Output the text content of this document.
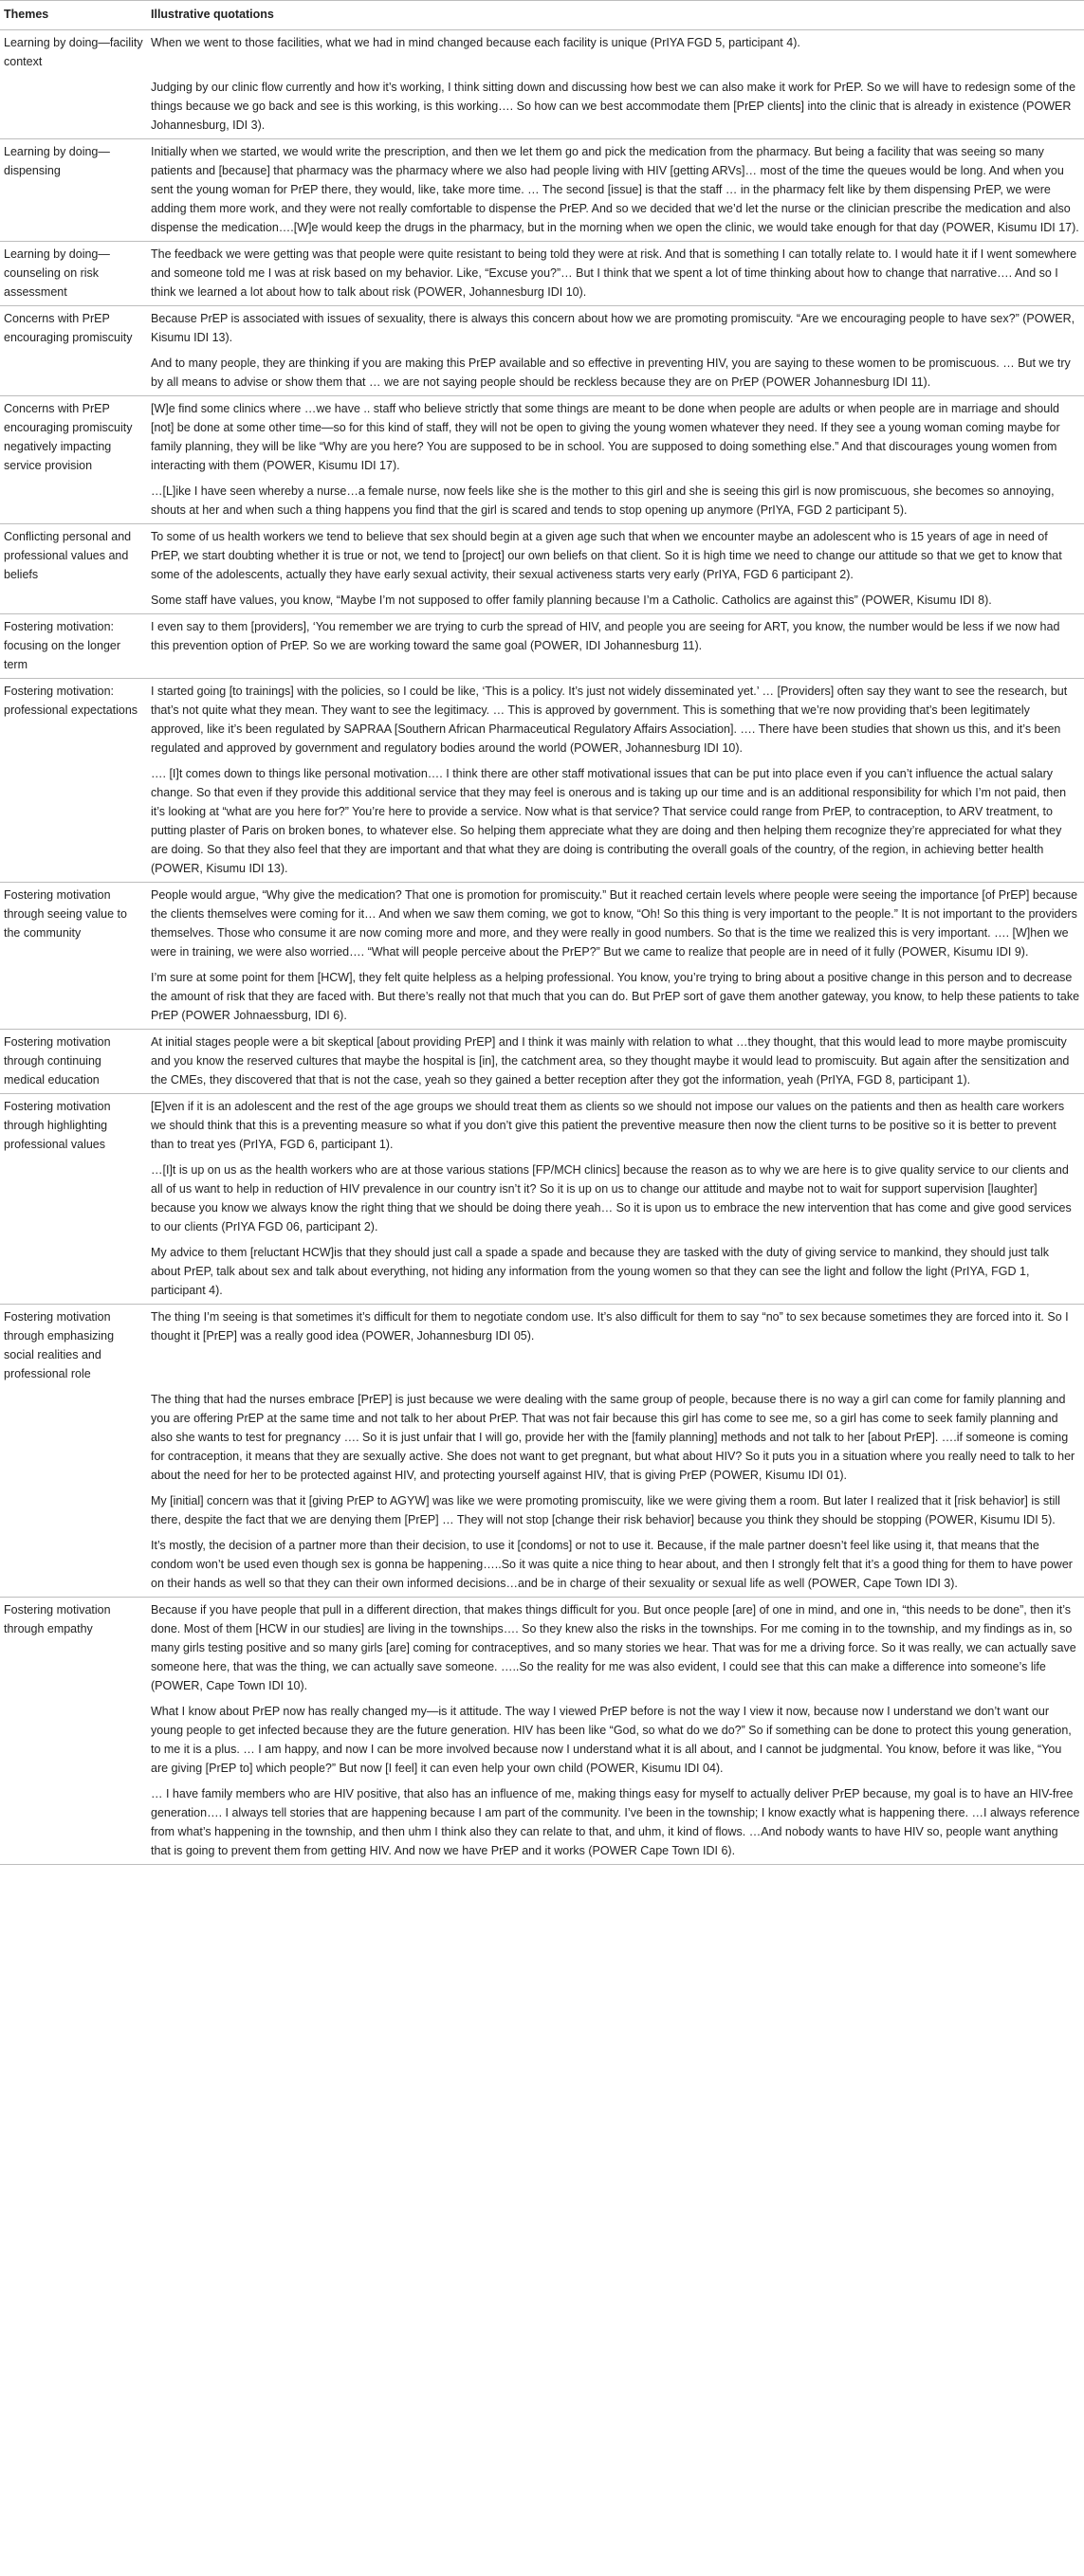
Themes	Illustrative quotations
Learning by doing—facility context	When we went to those facilities, what we had in mind changed because each facility is unique (PrIYA FGD 5, participant 4).
	Judging by our clinic flow currently and how it’s working, I think sitting down and discussing how best we can also make it work for PrEP. So we will have to redesign some of the things because we go back and see is this working, is this working…. So how can we best accommodate them [PrEP clients] into the clinic that is already in existence (POWER Johannesburg, IDI 3).
Learning by doing—dispensing	Initially when we started, we would write the prescription, and then we let them go and pick the medication from the pharmacy. But being a facility that was seeing so many patients and [because] that pharmacy was the pharmacy where we also had people living with HIV [getting ARVs]… most of the time the queues would be long. And when you sent the young woman for PrEP there, they would, like, take more time. … The second [issue] is that the staff … in the pharmacy felt like by them dispensing PrEP, we were adding them more work, and they were not really comfortable to dispense the PrEP. And so we decided that we’d let the nurse or the clinician prescribe the medication and also dispense the medication….[W]e would keep the drugs in the pharmacy, but in the morning when we open the clinic, we would take enough for that day (POWER, Kisumu IDI 17).
Learning by doing—counseling on risk assessment	The feedback we were getting was that people were quite resistant to being told they were at risk. And that is something I can totally relate to. I would hate it if I went somewhere and someone told me I was at risk based on my behavior. Like, “Excuse you?”… But I think that we spent a lot of time thinking about how to change that narrative…. And so I think we learned a lot about how to talk about risk (POWER, Johannesburg IDI 10).
Concerns with PrEP encouraging promiscuity	Because PrEP is associated with issues of sexuality, there is always this concern about how we are promoting promiscuity. “Are we encouraging people to have sex?” (POWER, Kisumu IDI 13).
	And to many people, they are thinking if you are making this PrEP available and so effective in preventing HIV, you are saying to these women to be promiscuous. … But we try by all means to advise or show them that … we are not saying people should be reckless because they are on PrEP (POWER Johannesburg IDI 11).
Concerns with PrEP encouraging promiscuity negatively impacting service provision	[W]e find some clinics where …we have .. staff who believe strictly that some things are meant to be done when people are adults or when people are in marriage and should [not] be done at some other time—so for this kind of staff, they will not be open to giving the young women whatever they need. If they see a young woman coming maybe for family planning, they will be like “Why are you here? You are supposed to be in school. You are supposed to doing something else.” And that discourages young women from interacting with them (POWER, Kisumu IDI 17).
	…[L]ike I have seen whereby a nurse…a female nurse, now feels like she is the mother to this girl and she is seeing this girl is now promiscuous, she becomes so annoying, shouts at her and when such a thing happens you find that the girl is scared and tends to stop opening up anymore (PrIYA, FGD 2 participant 5).
Conflicting personal and professional values and beliefs	To some of us health workers we tend to believe that sex should begin at a given age such that when we encounter maybe an adolescent who is 15 years of age in need of PrEP, we start doubting whether it is true or not, we tend to [project] our own beliefs on that client. So it is high time we need to change our attitude so that we get to know that some of the adolescents, actually they have early sexual activity, their sexual activeness starts very early (PrIYA, FGD 6 participant 2).
	Some staff have values, you know, “Maybe I’m not supposed to offer family planning because I’m a Catholic. Catholics are against this” (POWER, Kisumu IDI 8).
Fostering motivation: focusing on the longer term	I even say to them [providers], ‘You remember we are trying to curb the spread of HIV, and people you are seeing for ART, you know, the number would be less if we now had this prevention option of PrEP. So we are working toward the same goal (POWER, IDI Johannesburg 11).
Fostering motivation: professional expectations	I started going [to trainings] with the policies, so I could be like, ‘This is a policy. It’s just not widely disseminated yet.’ … [Providers] often say they want to see the research, but that’s not quite what they mean. They want to see the legitimacy. … This is approved by government. This is something that we’re now providing that’s been legitimately approved, like it’s been regulated by SAPRAA [Southern African Pharmaceutical Regulatory Affairs Association]. …. There have been studies that shown us this, and it’s been regulated and approved by government and regulatory bodies around the world (POWER, Johannesburg IDI 10).
	…. [I]t comes down to things like personal motivation…. I think there are other staff motivational issues that can be put into place even if you can’t influence the actual salary change. So that even if they provide this additional service that they may feel is onerous and is taking up our time and is an additional responsibility for which I’m not paid, then it’s looking at “what are you here for?” You’re here to provide a service. Now what is that service? That service could range from PrEP, to contraception, to ARV treatment, to putting plaster of Paris on broken bones, to whatever else. So helping them appreciate what they are doing and then helping them recognize they’re appreciated for what they are doing. So that they also feel that they are important and that what they are doing is contributing the overall goals of the country, of the region, in achieving better health (POWER, Kisumu IDI 13).
Fostering motivation through seeing value to the community	People would argue, “Why give the medication? That one is promotion for promiscuity.” But it reached certain levels where people were seeing the importance [of PrEP] because the clients themselves were coming for it… And when we saw them coming, we got to know, “Oh! So this thing is very important to the people.” It is not important to the providers themselves. Those who consume it are now coming more and more, and they were really in good numbers. So that is the time we realized this is very important. …. [W]hen we were in training, we were also worried…. “What will people perceive about the PrEP?” But we came to realize that people are in need of it fully (POWER, Kisumu IDI 9).
	I’m sure at some point for them [HCW], they felt quite helpless as a helping professional. You know, you’re trying to bring about a positive change in this person and to decrease the amount of risk that they are faced with. But there’s really not that much that you can do. But PrEP sort of gave them another gateway, you know, to help these patients to take PrEP (POWER Johnaessburg, IDI 6).
Fostering motivation through continuing medical education	At initial stages people were a bit skeptical [about providing PrEP] and I think it was mainly with relation to what …they thought, that this would lead to more maybe promiscuity and you know the reserved cultures that maybe the hospital is [in], the catchment area, so they thought maybe it would lead to promiscuity. But again after the sensitization and the CMEs, they discovered that that is not the case, yeah so they gained a better reception after they got the information, yeah (PrIYA, FGD 8, participant 1).
Fostering motivation through highlighting professional values	[E]ven if it is an adolescent and the rest of the age groups we should treat them as clients so we should not impose our values on the patients and then as health care workers we should think that this is a preventing measure so what if you don’t give this patient the preventive measure then now the client turns to be positive so it is better to prevent than to treat yes (PrIYA, FGD 6, participant 1).
	…[I]t is up on us as the health workers who are at those various stations [FP/MCH clinics] because the reason as to why we are here is to give quality service to our clients and all of us want to help in reduction of HIV prevalence in our country isn’t it? So it is up on us to change our attitude and maybe not to wait for support supervision [laughter] because you know we always know the right thing that we should be doing there yeah… So it is upon us to embrace the new intervention that has come and give good services to our clients (PrIYA FGD 06, participant 2).
	My advice to them [reluctant HCW]is that they should just call a spade a spade and because they are tasked with the duty of giving service to mankind, they should just talk about PrEP, talk about sex and talk about everything, not hiding any information from the young women so that they can see the light and follow the light (PrIYA, FGD 1, participant 4).
Fostering motivation through emphasizing social realities and professional role	The thing I’m seeing is that sometimes it’s difficult for them to negotiate condom use. It’s also difficult for them to say “no” to sex because sometimes they are forced into it. So I thought it [PrEP] was a really good idea (POWER, Johannesburg IDI 05).
	The thing that had the nurses embrace [PrEP] is just because we were dealing with the same group of people, because there is no way a girl can come for family planning and you are offering PrEP at the same time and not talk to her about PrEP. That was not fair because this girl has come to see me, so a girl has come to seek family planning and also she wants to test for pregnancy …. So it is just unfair that I will go, provide her with the [family planning] methods and not talk to her [about PrEP]. ….if someone is coming for contraception, it means that they are sexually active. She does not want to get pregnant, but what about HIV? So it puts you in a situation where you really need to talk to her about the need for her to be protected against HIV, and protecting yourself against HIV, that is giving PrEP (POWER, Kisumu IDI 01).
	My [initial] concern was that it [giving PrEP to AGYW] was like we were promoting promiscuity, like we were giving them a room. But later I realized that it [risk behavior] is still there, despite the fact that we are denying them [PrEP] … They will not stop [change their risk behavior] because you think they should be stopping (POWER, Kisumu IDI 5).
	It’s mostly, the decision of a partner more than their decision, to use it [condoms] or not to use it. Because, if the male partner doesn’t feel like using it, that means that the condom won’t be used even though sex is gonna be happening…..So it was quite a nice thing to hear about, and then I strongly felt that it’s a good thing for them to have power on their hands as well so that they can their own informed decisions…and be in charge of their sexuality or sexual life as well (POWER, Cape Town IDI 3).
Fostering motivation through empathy	Because if you have people that pull in a different direction, that makes things difficult for you. But once people [are] of one in mind, and one in, “this needs to be done”, then it’s done. Most of them [HCW in our studies] are living in the townships…. So they knew also the risks in the townships. For me coming in to the township, and my findings as in, so many girls testing positive and so many girls [are] coming for contraceptives, and so many stories we hear. That was for me a driving force. So it was really, we can actually save someone here, that was the thing, we can actually save someone. …..So the reality for me was also evident, I could see that this can make a difference into someone’s life (POWER, Cape Town IDI 10).
	What I know about PrEP now has really changed my—is it attitude. The way I viewed PrEP before is not the way I view it now, because now I understand we don’t want our young people to get infected because they are the future generation. HIV has been like “God, so what do we do?” So if something can be done to protect this young generation, to me it is a plus. … I am happy, and now I can be more involved because now I understand what it is all about, and I cannot be judgmental. You know, before it was like, “You are giving [PrEP to] which people?” But now [I feel] it can even help your own child (POWER, Kisumu IDI 04).
	… I have family members who are HIV positive, that also has an influence of me, making things easy for myself to actually deliver PrEP because, my goal is to have an HIV-free generation…. I always tell stories that are happening because I am part of the community. I’ve been in the township; I know exactly what is happening there. …I always reference from what’s happening in the township, and then uhm I think also they can relate to that, and uhm, it kind of flows. …And nobody wants to have HIV so, people want anything that is going to prevent them from getting HIV. And now we have PrEP and it works (POWER Cape Town IDI 6).
